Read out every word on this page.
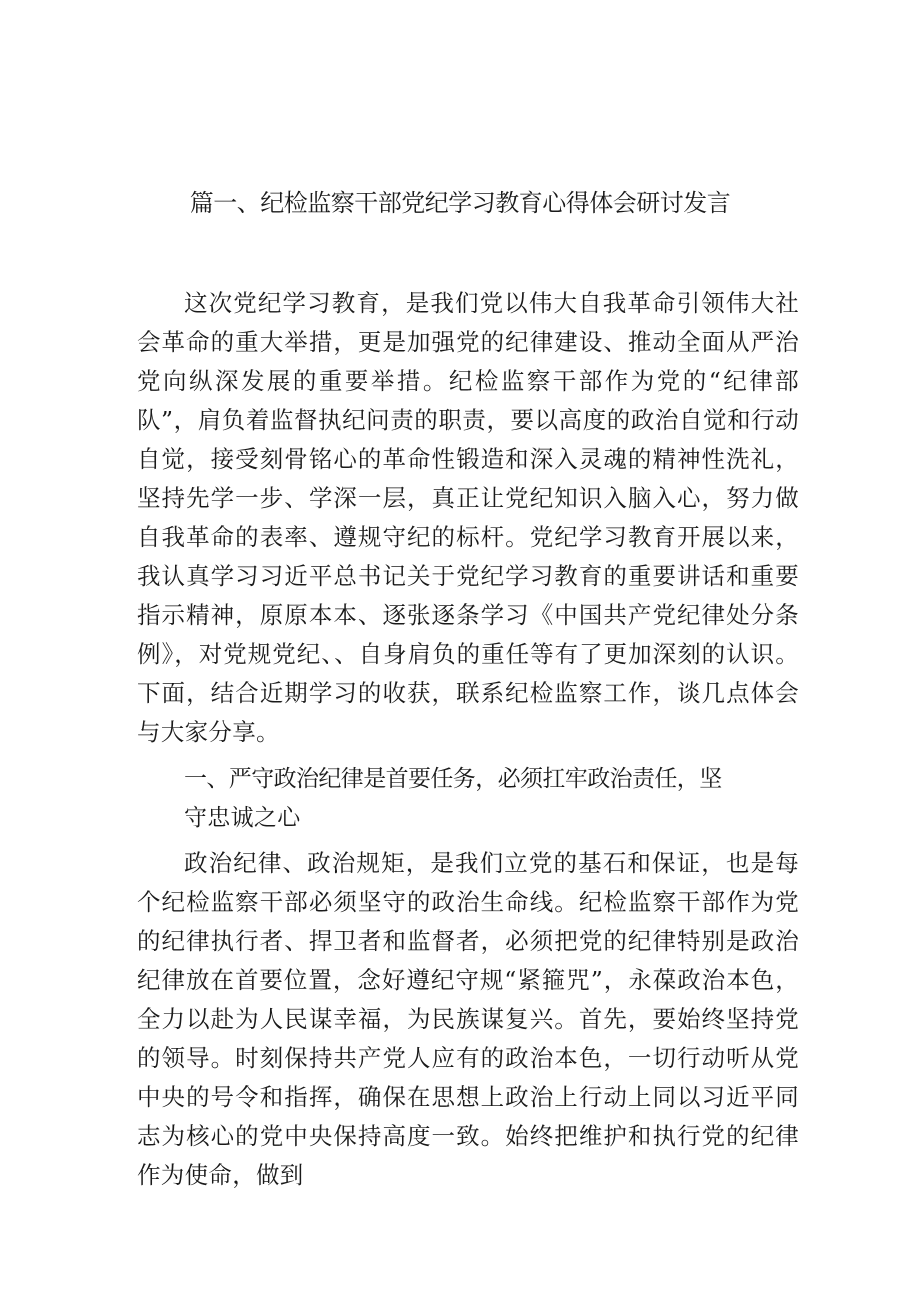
篇一、纪检监察干部党纪学习教育心得体会研讨发言

这次党纪学习教育，是我们党以伟大自我革命引领伟大社会革命的重大举措，更是加强党的纪律建设、推动全面从严治党向纵深发展的重要举措。纪检监察干部作为党的“纪律部队”，肩负着监督执纪问责的职责，要以高度的政治自觉和行动自觉，接受刻骨铭心的革命性锻造和深入灵魂的精神性洗礼，坚持先学一步、学深一层，真正让党纪知识入脑入心，努力做自我革命的表率、遵规守纪的标杆。党纪学习教育开展以来，我认真学习习近平总书记关于党纪学习教育的重要讲话和重要指示精神，原原本本、逐张逐条学习《中国共产党纪律处分条例》，对党规党纪、、自身肩负的重任等有了更加深刻的认识。下面，结合近期学习的收获，联系纪检监察工作，谈几点体会与大家分享。

一、严守政治纪律是首要任务，必须扛牢政治责任，坚
守忠诚之心

政治纪律、政治规矩，是我们立党的基石和保证，也是每个纪检监察干部必须坚守的政治生命线。纪检监察干部作为党的纪律执行者、捍卫者和监督者，必须把党的纪律特别是政治纪律放在首要位置，念好遵纪守规“紧箍咒”，永葆政治本色，全力以赴为人民谋幸福，为民族谋复兴。首先，要始终坚持党的领导。时刻保持共产党人应有的政治本色，一切行动听从党中央的号令和指挥，确保在思想上政治上行动上同以习近平同志为核心的党中央保持高度一致。始终把维护和执行党的纪律作为使命，做到
